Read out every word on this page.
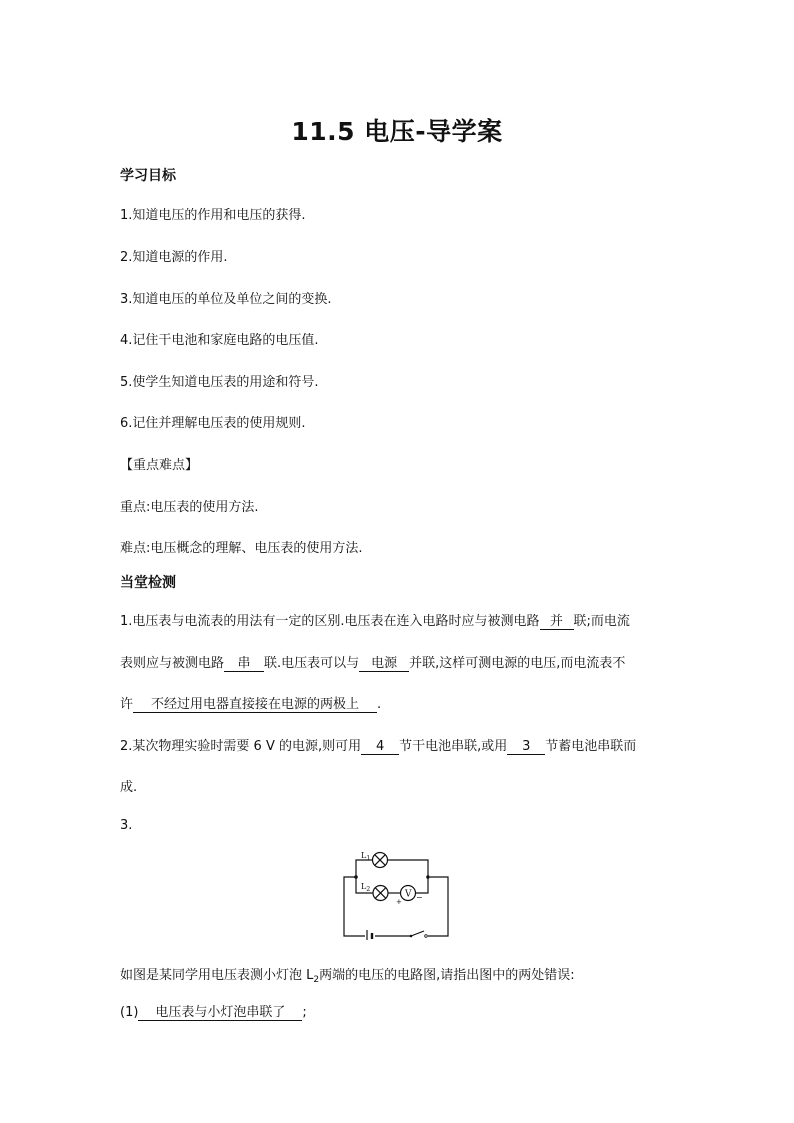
11.5 电压-导学案
学习目标
1.知道电压的作用和电压的获得.
2.知道电源的作用.
3.知道电压的单位及单位之间的变换.
4.记住干电池和家庭电路的电压值.
5.使学生知道电压表的用途和符号.
6.记住并理解电压表的使用规则.
【重点难点】
重点:电压表的使用方法.
难点:电压概念的理解、电压表的使用方法.
当堂检测
1.电压表与电流表的用法有一定的区别.电压表在连入电路时应与被测电路 并 联;而电流
表则应与被测电路 串 联.电压表可以与 电源 并联,这样可测电源的电压,而电流表不
许 不经过用电器直接接在电源的两极上 .
2.某次物理实验时需要 6 V 的电源,则可用 4 节干电池串联,或用 3 节蓄电池串联而
成.
3.
$L_1$
$L_2$	V
+ −
如图是某同学用电压表测小灯泡 $L_2$两端的电压的电路图,请指出图中的两处错误:
(1) 电压表与小灯泡串联了 ;
